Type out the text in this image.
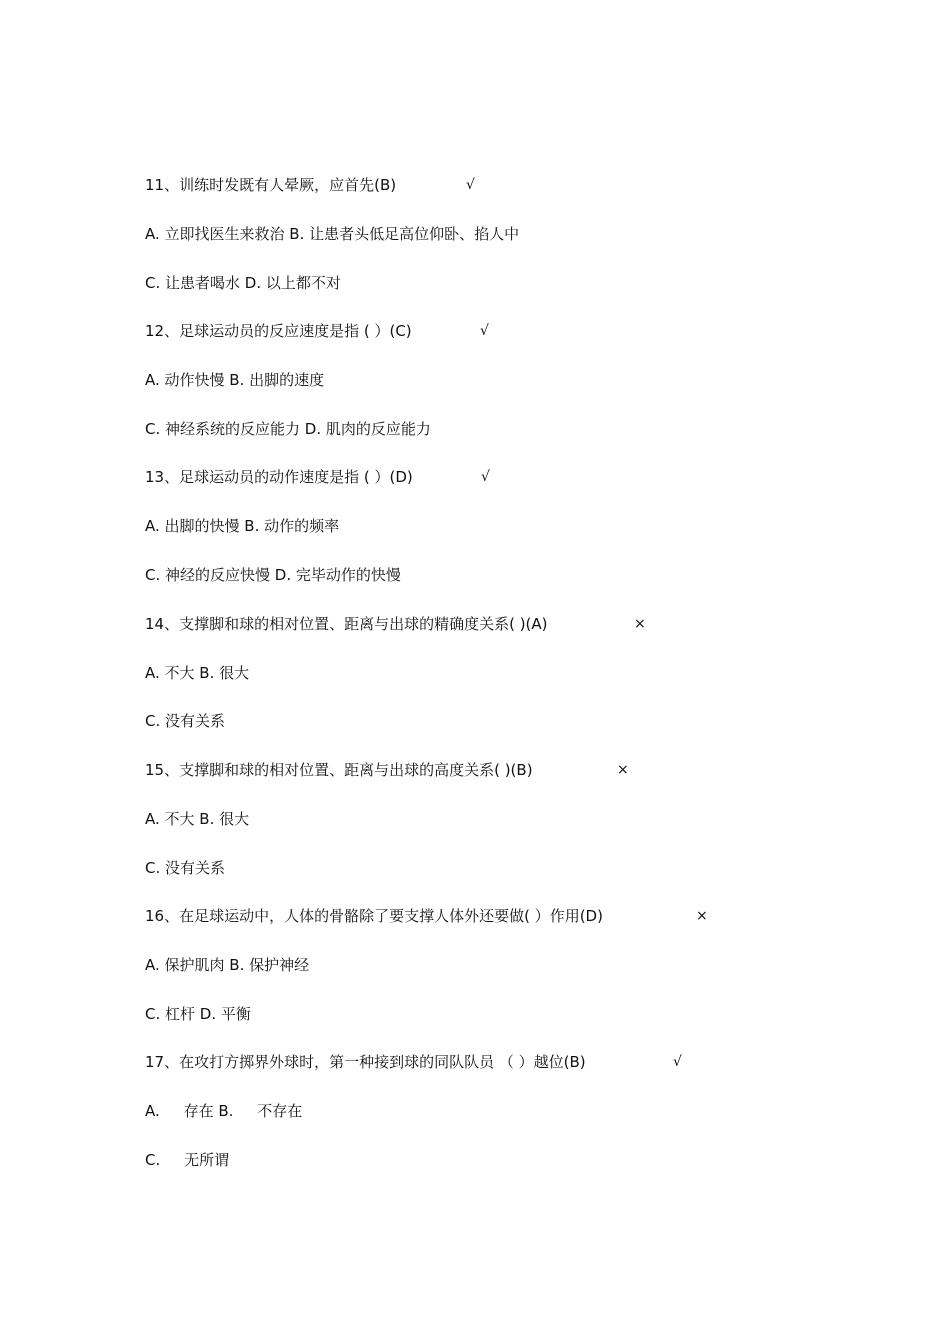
11、训练时发既有人晕厥，应首先(B)	√
A. 立即找医生来救治 B. 让患者头低足高位仰卧、掐人中
C. 让患者喝水 D. 以上都不对
12、足球运动员的反应速度是指 ( ）(C)	√
A. 动作快慢 B. 出脚的速度
C. 神经系统的反应能力 D. 肌肉的反应能力
13、足球运动员的动作速度是指 ( ）(D)	√
A. 出脚的快慢 B. 动作的频率
C. 神经的反应快慢 D. 完毕动作的快慢
14、支撑脚和球的相对位置、距离与出球的精确度关系( )(A)	×
A. 不大 B. 很大
C. 没有关系
15、支撑脚和球的相对位置、距离与出球的高度关系( )(B)	×
A. 不大 B. 很大
C. 没有关系
16、在足球运动中，人体的骨骼除了要支撑人体外还要做( ）作用(D)	×
A. 保护肌肉 B. 保护神经
C. 杠杆 D. 平衡
17、在攻打方掷界外球时，第一种接到球的同队队员 （ ）越位(B)	√
A.     存在 B.     不存在
C.     无所谓
